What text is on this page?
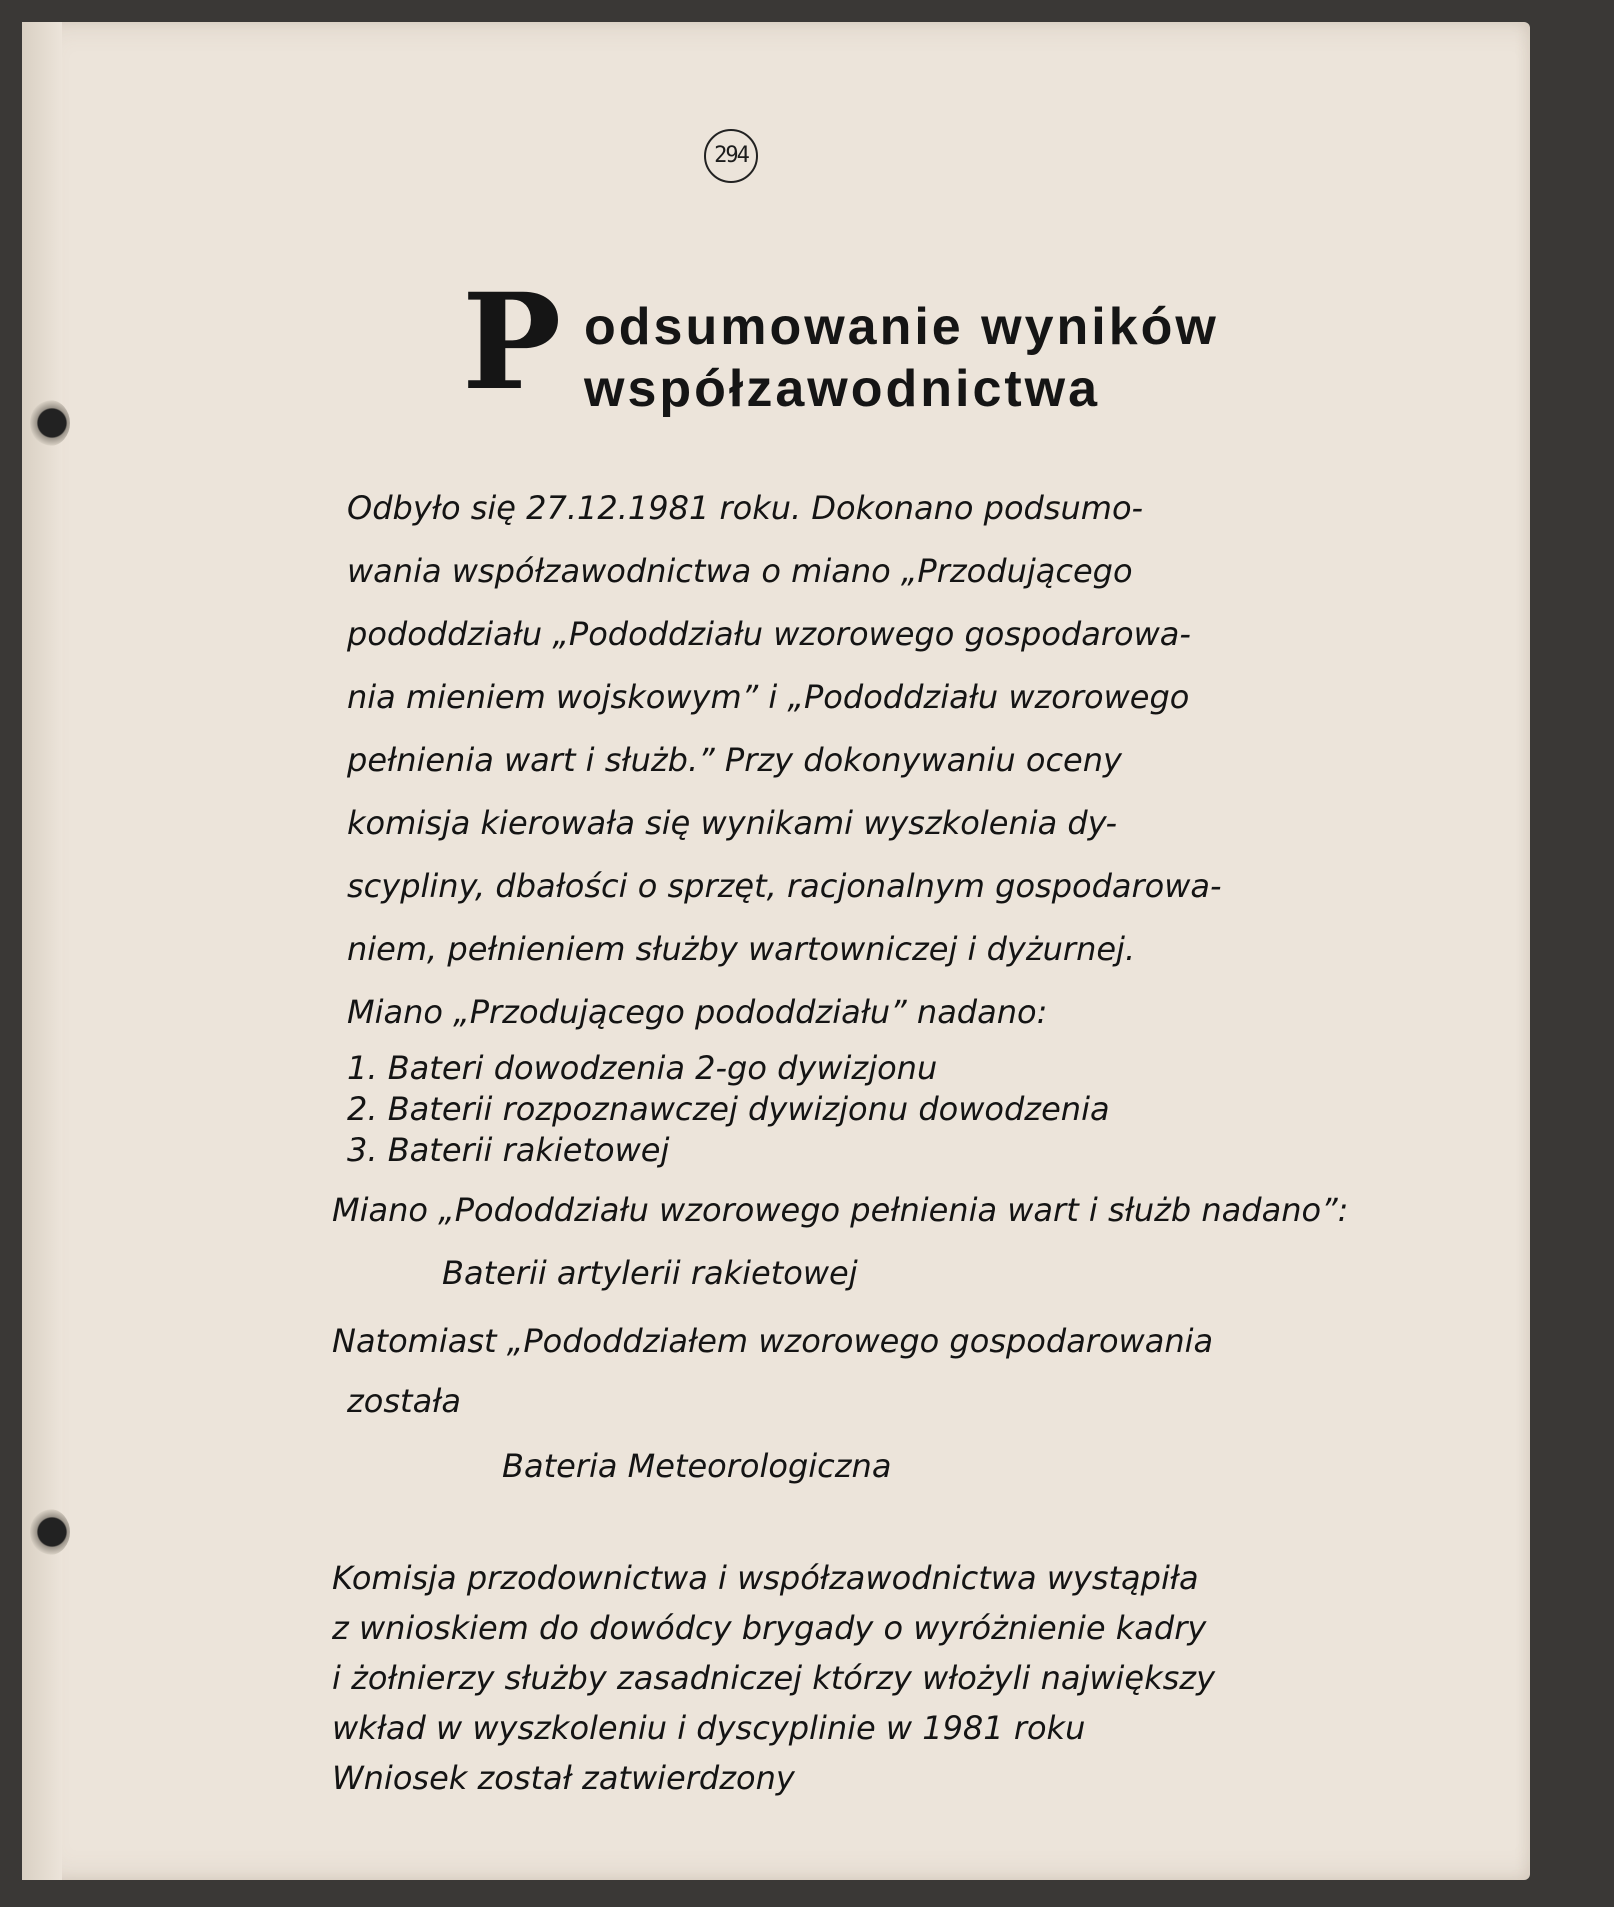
294
P odsumowanie wyników
współzawodnictwa

Odbyło się 27.12.1981 roku. Dokonano podsumo-

wania współzawodnictwa o miano „Przodującego

pododdziału „Pododdziału wzorowego gospodarowa-

nia mieniem wojskowym” i „Pododdziału wzorowego

pełnienia wart i służb.” Przy dokonywaniu oceny

komisja kierowała się wynikami wyszkolenia dy-

scypliny, dbałości o sprzęt, racjonalnym gospodarowa-

niem, pełnieniem służby wartowniczej i dyżurnej.

Miano „Przodującego pododdziału” nadano:

1. Bateri dowodzenia 2-go dywizjonu

2. Baterii rozpoznawczej dywizjonu dowodzenia

3. Baterii rakietowej

Miano „Pododdziału wzorowego pełnienia wart i służb nadano”:

Baterii artylerii rakietowej

Natomiast „Pododdziałem wzorowego gospodarowania

została

Bateria Meteorologiczna

Komisja przodownictwa i współzawodnictwa wystąpiła

z wnioskiem do dowódcy brygady o wyróżnienie kadry

i żołnierzy służby zasadniczej którzy włożyli największy

wkład w wyszkoleniu i dyscyplinie w 1981 roku

Wniosek został zatwierdzony
